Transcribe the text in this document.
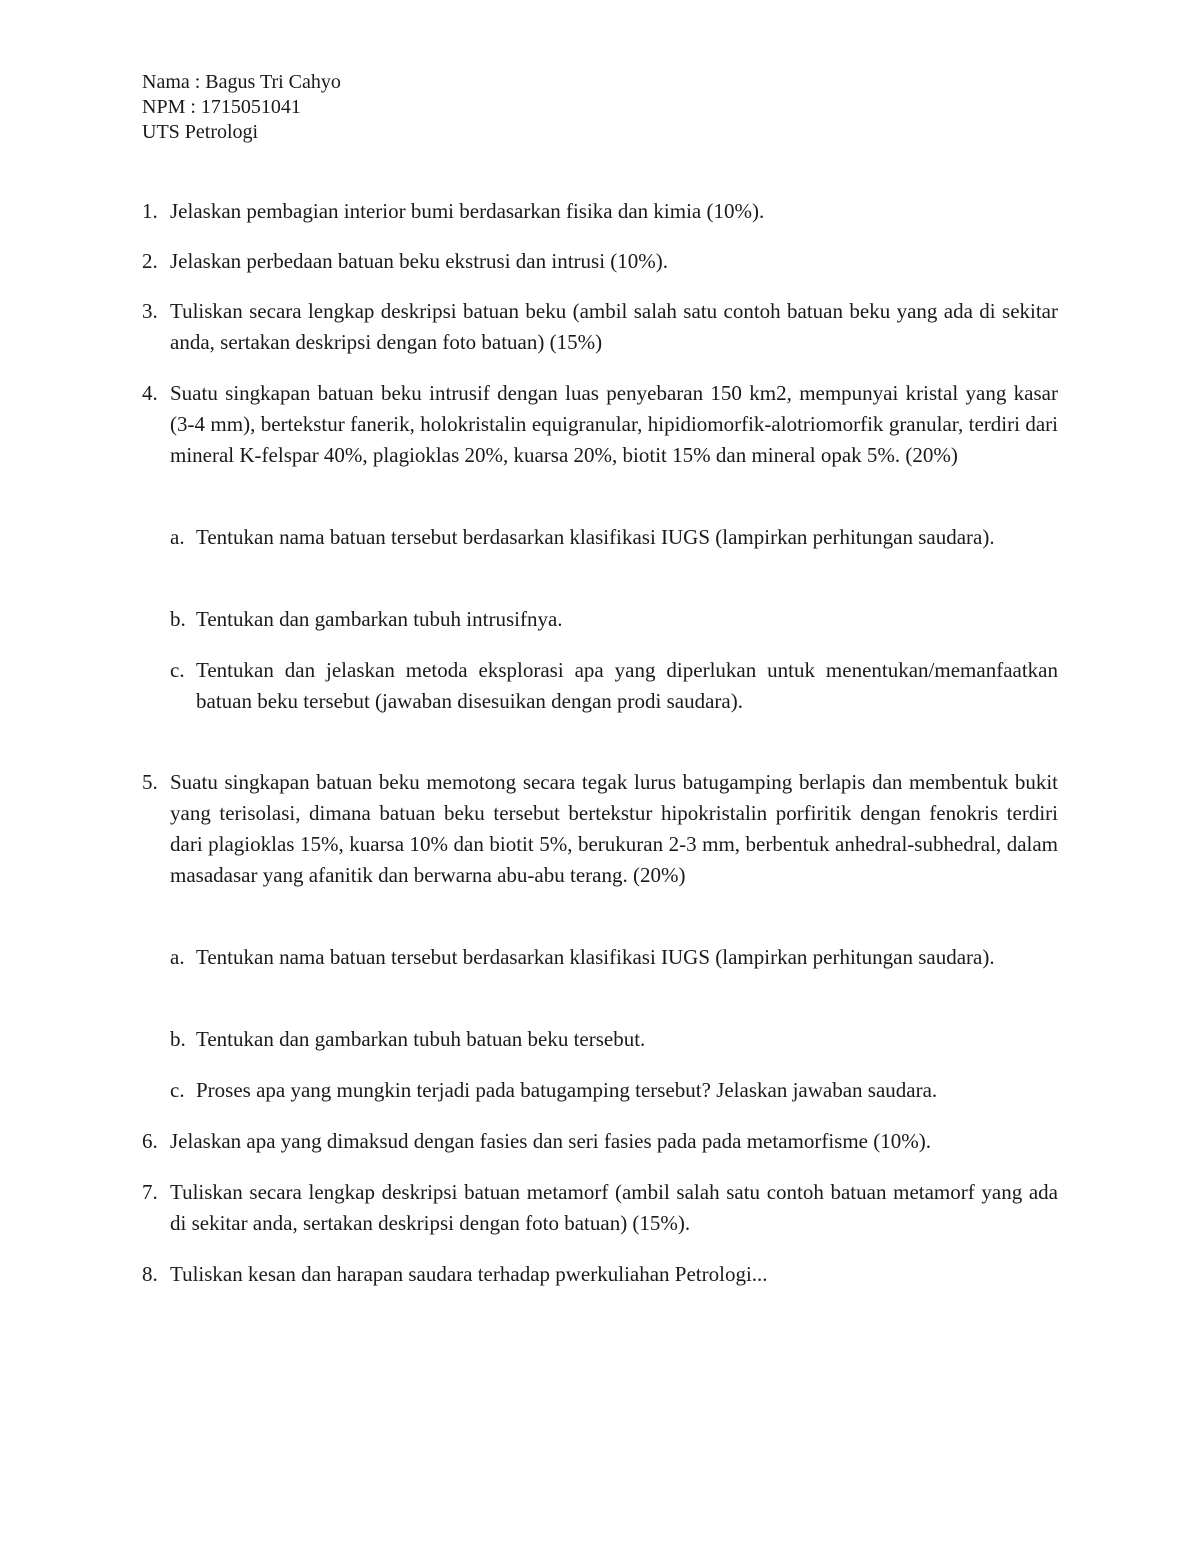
Nama : Bagus Tri Cahyo
NPM : 1715051041
UTS Petrologi
1. Jelaskan pembagian interior bumi berdasarkan fisika dan kimia (10%).
2. Jelaskan perbedaan batuan beku ekstrusi dan intrusi (10%).
3. Tuliskan secara lengkap deskripsi batuan beku (ambil salah satu contoh batuan beku yang ada di sekitar anda, sertakan deskripsi dengan foto batuan) (15%)
4. Suatu singkapan batuan beku intrusif dengan luas penyebaran 150 km2, mempunyai kristal yang kasar (3-4 mm), bertekstur fanerik, holokristalin equigranular, hipidiomorfik-alotriomorfik granular, terdiri dari mineral K-felspar 40%, plagioklas 20%, kuarsa 20%, biotit 15% dan mineral opak 5%. (20%)
a. Tentukan nama batuan tersebut berdasarkan klasifikasi IUGS (lampirkan perhitungan saudara).
b. Tentukan dan gambarkan tubuh intrusifnya.
c. Tentukan dan jelaskan metoda eksplorasi apa yang diperlukan untuk menentukan/memanfaatkan batuan beku tersebut (jawaban disesuikan dengan prodi saudara).
5. Suatu singkapan batuan beku memotong secara tegak lurus batugamping berlapis dan membentuk bukit yang terisolasi, dimana batuan beku tersebut bertekstur hipokristalin porfiritik dengan fenokris terdiri dari plagioklas 15%, kuarsa 10% dan biotit 5%, berukuran 2-3 mm, berbentuk anhedral-subhedral, dalam masadasar yang afanitik dan berwarna abu-abu terang. (20%)
a. Tentukan nama batuan tersebut berdasarkan klasifikasi IUGS (lampirkan perhitungan saudara).
b. Tentukan dan gambarkan tubuh batuan beku tersebut.
c. Proses apa yang mungkin terjadi pada batugamping tersebut? Jelaskan jawaban saudara.
6. Jelaskan apa yang dimaksud dengan fasies dan seri fasies pada pada metamorfisme (10%).
7. Tuliskan secara lengkap deskripsi batuan metamorf (ambil salah satu contoh batuan metamorf yang ada di sekitar anda, sertakan deskripsi dengan foto batuan) (15%).
8. Tuliskan kesan dan harapan saudara terhadap pwerkuliahan Petrologi...
